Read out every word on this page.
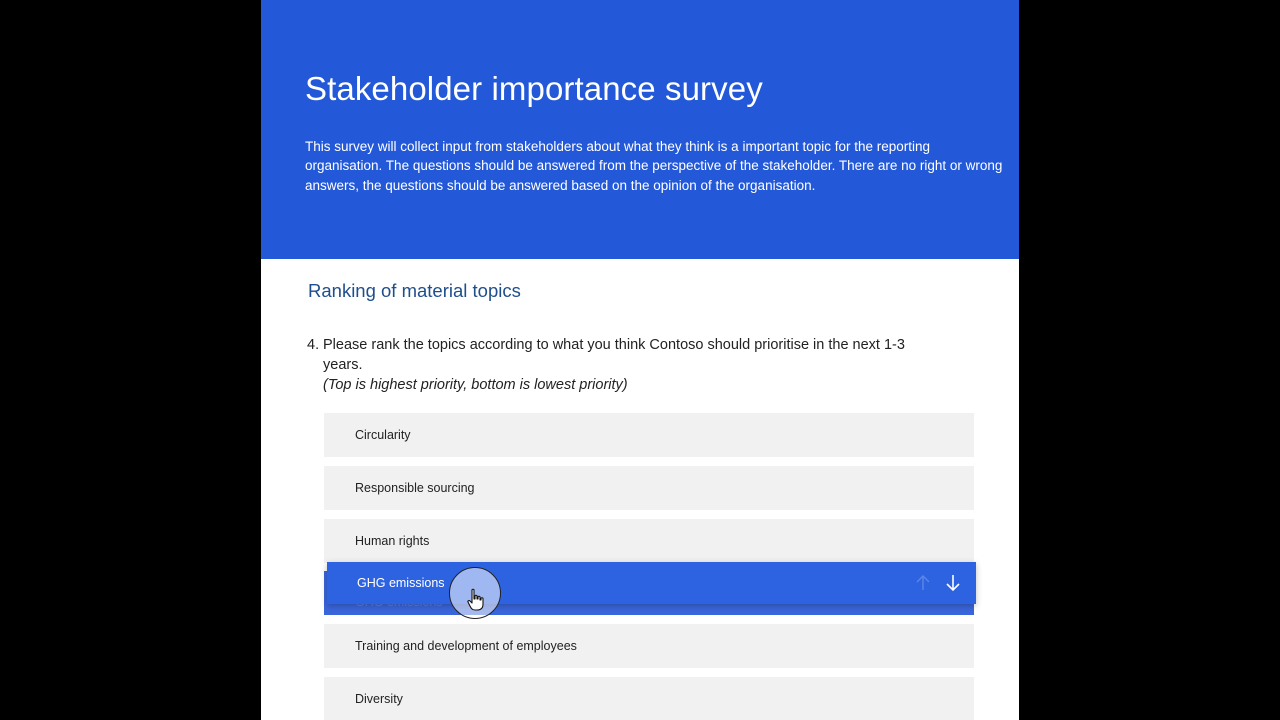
Stakeholder importance survey

This survey will collect input from stakeholders about what they think is a important topic for the reporting organisation. The questions should be answered from the perspective of the stakeholder. There are no right or wrong answers, the questions should be answered based on the opinion of the organisation.

Ranking of material topics
4. Please rank the topics according to what you think Contoso should prioritise in the next 1-3 years.
(Top is highest priority, bottom is lowest priority)
Circularity
Responsible sourcing
Human rights
Training and development of employees
Diversity
GHG emissions
